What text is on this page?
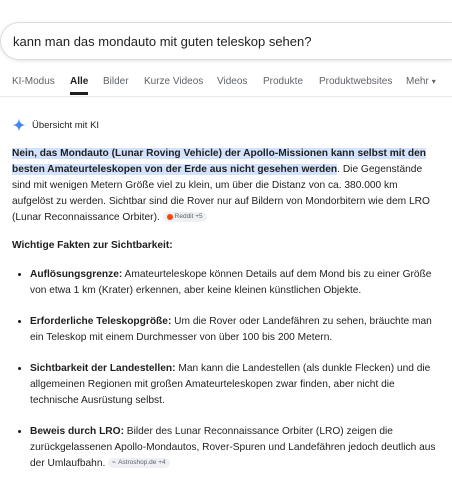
kann man das mondauto mit guten teleskop sehen?
KI-Modus Alle Bilder Kurze Videos Videos Produkte Produktwebsites Mehr ▾
Übersicht mit KI
Nein, das Mondauto (Lunar Roving Vehicle) der Apollo-Missionen kann selbst mit den besten Amateurteleskopen von der Erde aus nicht gesehen werden. Die Gegenstände sind mit wenigen Metern Größe viel zu klein, um über die Distanz von ca. 380.000 km aufgelöst zu werden. Sichtbar sind die Rover nur auf Bildern von Mondorbitern wie dem LRO (Lunar Reconnaissance Orbiter). Reddit +5
Wichtige Fakten zur Sichtbarkeit:
• Auflösungsgrenze: Amateurteleskope können Details auf dem Mond bis zu einer Größe von etwa 1 km (Krater) erkennen, aber keine kleinen künstlichen Objekte.
• Erforderliche Teleskopgröße: Um die Rover oder Landefähren zu sehen, bräuchte man ein Teleskop mit einem Durchmesser von über 100 bis 200 Metern.
• Sichtbarkeit der Landestellen: Man kann die Landestellen (als dunkle Flecken) und die allgemeinen Regionen mit großen Amateurteleskopen zwar finden, aber nicht die technische Ausrüstung selbst.
• Beweis durch LRO: Bilder des Lunar Reconnaissance Orbiter (LRO) zeigen die zurückgelassenen Apollo-Mondautos, Rover-Spuren und Landefähren jedoch deutlich aus der Umlaufbahn. ⌁ Astroshop.de +4
